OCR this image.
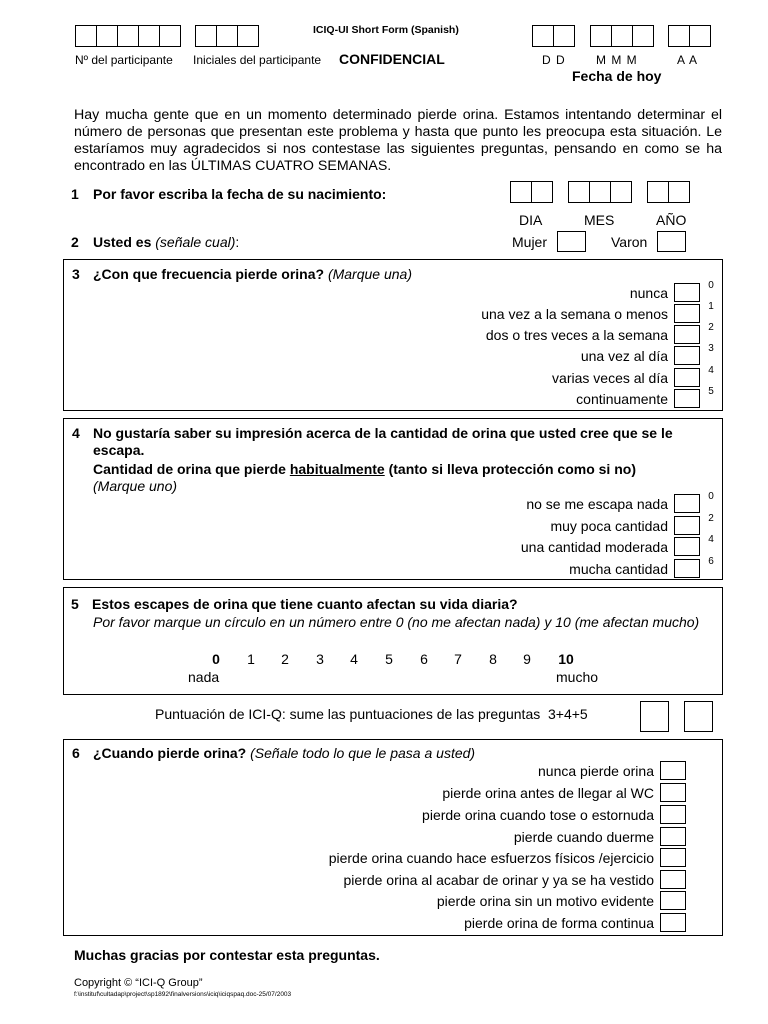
ICIQ-UI Short Form (Spanish)
Nº del participante Iniciales del participante CONFIDENCIAL	D D	M M M	A A
Fecha de hoy
Hay mucha gente que en un momento determinado pierde orina. Estamos intentando determinar el número de personas que presentan este problema y hasta que punto les preocupa esta situación. Le estaríamos muy agradecidos si nos contestase las siguientes preguntas, pensando en como se ha encontrado en las ÚLTIMAS CUATRO SEMANAS.
1 Por favor escriba la fecha de su nacimiento:
DIA	MES	AÑO
2 Usted es (señale cual):	Mujer	Varon
3 ¿Con que frecuencia pierde orina? (Marque una)
nunca	0
una vez a la semana o menos	1
dos o tres veces a la semana	2
una vez al día	3
varias veces al día	4
continuamente	5
4 No gustaría saber su impresión acerca de la cantidad de orina que usted cree que se le escapa.
Cantidad de orina que pierde habitualmente (tanto si lleva protección como si no)
(Marque uno)
no se me escapa nada	0
muy poca cantidad	2
una cantidad moderada	4
mucha cantidad	6
5 Estos escapes de orina que tiene cuanto afectan su vida diaria?
Por favor marque un círculo en un número entre 0 (no me afectan nada) y 10 (me afectan mucho)
0	1	2	3	4	5	6	7	8	9	10
nada	mucho
Puntuación de ICI-Q: sume las puntuaciones de las preguntas  3+4+5
6 ¿Cuando pierde orina? (Señale todo lo que le pasa a usted)
nunca pierde orina
pierde orina antes de llegar al WC
pierde orina cuando tose o estornuda
pierde cuando duerme
pierde orina cuando hace esfuerzos físicos /ejercicio
pierde orina al acabar de orinar y ya se ha vestido
pierde orina sin un motivo evidente
pierde orina de forma continua
Muchas gracias por contestar esta preguntas.
Copyright © “ICI-Q Group”
f:\instituf\cultadap\project\sp1892\finalversions\iciq\iciqspaq.doc-25/07/2003
